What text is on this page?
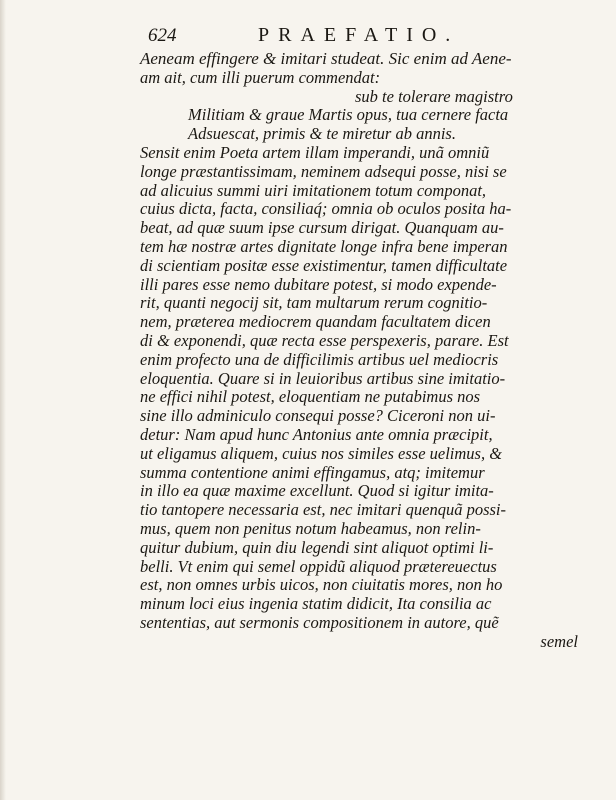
624	PRAEFATIO.
Aeneam effingere & imitari studeat. Sic enim ad Aene-
am ait, cum illi puerum commendat:
sub te tolerare magistro
Militiam & graue Martis opus, tua cernere facta
Adsuescat, primis & te miretur ab annis.
Sensit enim Poeta artem illam imperandi, unã omniũ
longe præstantissimam, neminem adsequi posse, nisi se
ad alicuius summi uiri imitationem totum componat,
cuius dicta, facta, consiliaq́; omnia ob oculos posita ha-
beat, ad quæ suum ipse cursum dirigat. Quanquam au-
tem hæ nostræ artes dignitate longe infra bene imperan
di scientiam positæ esse existimentur, tamen difficultate
illi pares esse nemo dubitare potest, si modo expende-
rit, quanti negocij sit, tam multarum rerum cognitio-
nem, præterea mediocrem quandam facultatem dicen
di & exponendi, quæ recta esse perspexeris, parare. Est
enim profecto una de difficilimis artibus uel mediocris
eloquentia. Quare si in leuioribus artibus sine imitatio-
ne effici nihil potest, eloquentiam ne putabimus nos
sine illo adminiculo consequi posse? Ciceroni non ui-
detur: Nam apud hunc Antonius ante omnia præcipit,
ut eligamus aliquem, cuius nos similes esse uelimus, &
summa contentione animi effingamus, atq; imitemur
in illo ea quæ maxime excellunt. Quod si igitur imita-
tio tantopere necessaria est, nec imitari quenquã possi-
mus, quem non penitus notum habeamus, non relin-
quitur dubium, quin diu legendi sint aliquot optimi li-
belli. Vt enim qui semel oppidũ aliquod prætereuectus
est, non omnes urbis uicos, non ciuitatis mores, non ho
minum loci eius ingenia statim didicit, Ita consilia ac
sententias, aut sermonis compositionem in autore, quẽ
semel
